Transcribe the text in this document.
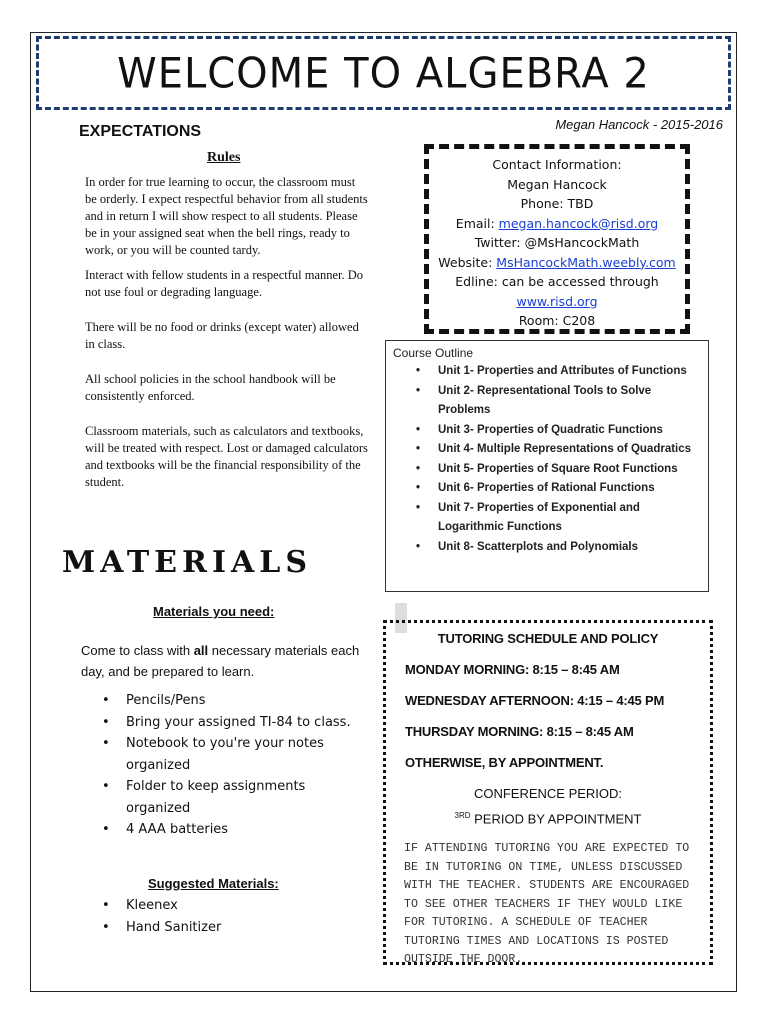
WELCOME TO ALGEBRA 2
Megan Hancock - 2015-2016
EXPECTATIONS
Rules

In order for true learning to occur, the classroom must be orderly. I expect respectful behavior from all students and in return I will show respect to all students. Please be in your assigned seat when the bell rings, ready to work, or you will be counted tardy.

Interact with fellow students in a respectful manner. Do not use foul or degrading language.

There will be no food or drinks (except water) allowed in class.

All school policies in the school handbook will be consistently enforced.

Classroom materials, such as calculators and textbooks, will be treated with respect. Lost or damaged calculators and textbooks will be the financial responsibility of the student.

MATERIALS
Materials you need:
Come to class with all necessary materials each day, and be prepared to learn.
• Pencils/Pens
• Bring your assigned TI-84 to class.
• Notebook to you're your notes organized
• Folder to keep assignments organized
• 4 AAA batteries
Suggested Materials:
• Kleenex
• Hand Sanitizer
Contact Information:
Megan Hancock
Phone: TBD
Email: megan.hancock@risd.org
Twitter: @MsHancockMath
Website: MsHancockMath.weebly.com
Edline: can be accessed through
www.risd.org
Room: C208
Course Outline
• Unit 1- Properties and Attributes of Functions
• Unit 2- Representational Tools to Solve Problems
• Unit 3- Properties of Quadratic Functions
• Unit 4- Multiple Representations of Quadratics
• Unit 5- Properties of Square Root Functions
• Unit 6- Properties of Rational Functions
• Unit 7- Properties of Exponential and Logarithmic Functions
• Unit 8- Scatterplots and Polynomials
TUTORING SCHEDULE AND POLICY
MONDAY MORNING: 8:15 – 8:45 AM
WEDNESDAY AFTERNOON: 4:15 – 4:45 PM
THURSDAY MORNING: 8:15 – 8:45 AM
OTHERWISE, BY APPOINTMENT.
CONFERENCE PERIOD:
$^{3RD}$ PERIOD BY APPOINTMENT
IF ATTENDING TUTORING YOU ARE EXPECTED TO BE IN TUTORING ON TIME, UNLESS DISCUSSED WITH THE TEACHER. STUDENTS ARE ENCOURAGED TO SEE OTHER TEACHERS IF THEY WOULD LIKE FOR TUTORING. A SCHEDULE OF TEACHER TUTORING TIMES AND LOCATIONS IS POSTED OUTSIDE THE DOOR.
